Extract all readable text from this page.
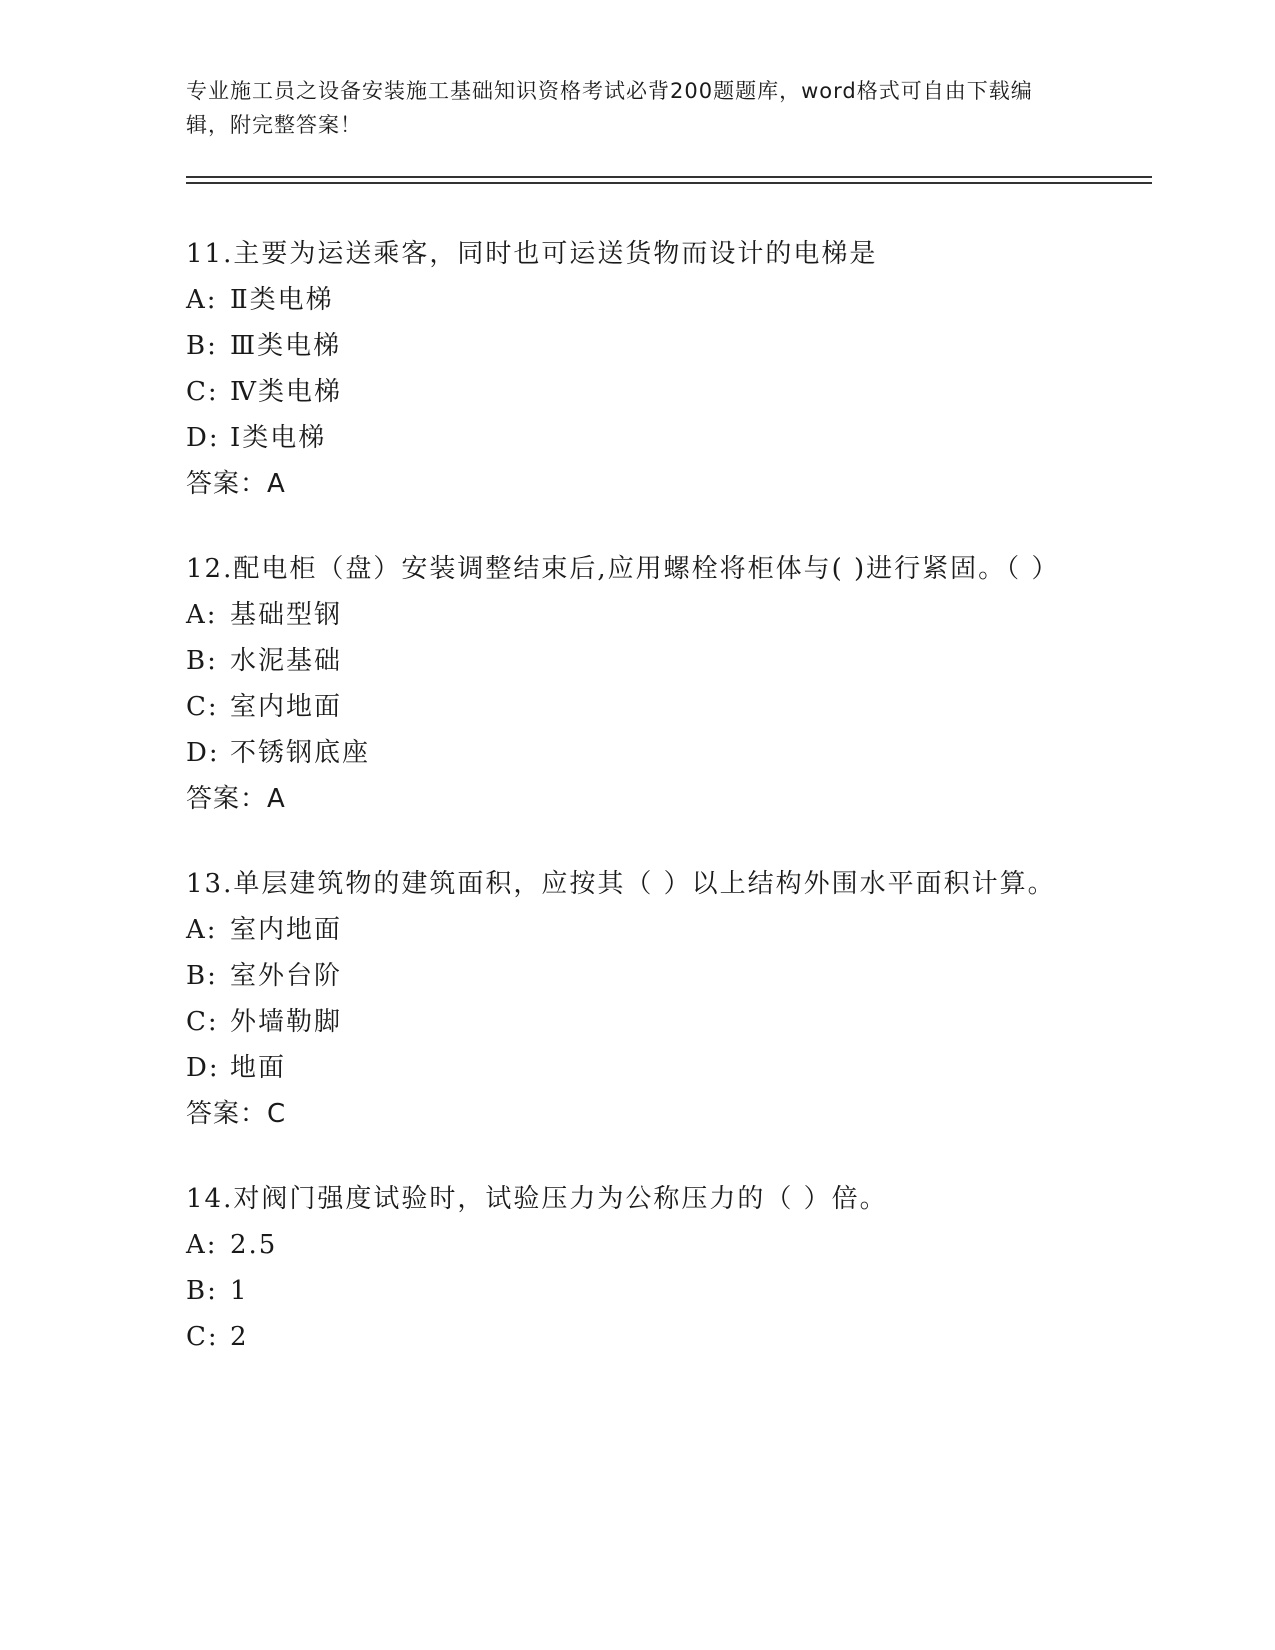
专业施工员之设备安装施工基础知识资格考试必背200题题库，word格式可自由下载编辑，附完整答案！
11. 主要为运送乘客，同时也可运送货物而设计的电梯是
A: Ⅱ类电梯
B: Ⅲ类电梯
C: Ⅳ类电梯
D: Ⅰ类电梯
答案：A
12. 配电柜（盘）安装调整结束后,应用螺栓将柜体与( )进行紧固。（ ）
A: 基础型钢
B: 水泥基础
C: 室内地面
D: 不锈钢底座
答案：A
13. 单层建筑物的建筑面积，应按其（ ）以上结构外围水平面积计算。
A: 室内地面
B: 室外台阶
C: 外墙勒脚
D: 地面
答案：C
14. 对阀门强度试验时，试验压力为公称压力的（ ）倍。
A: 2.5
B: 1
C: 2
